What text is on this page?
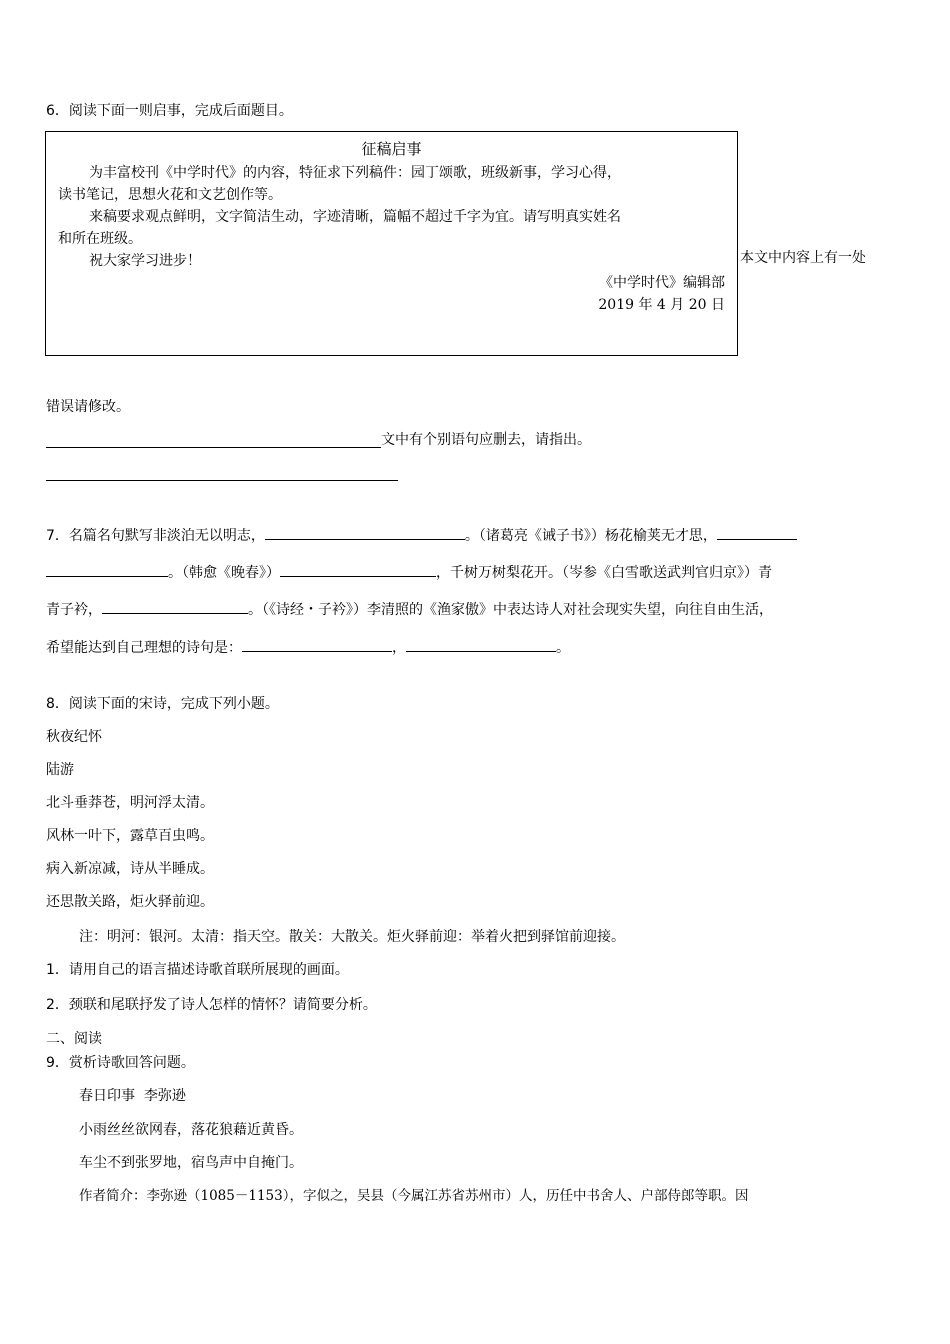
6．阅读下面一则启事，完成后面题目。
征稿启事
为丰富校刊《中学时代》的内容，特征求下列稿件：园丁颂歌，班级新事，学习心得，
读书笔记，思想火花和文艺创作等。
来稿要求观点鲜明，文字简洁生动，字迹清晰，篇幅不超过千字为宜。请写明真实姓名
和所在班级。
祝大家学习进步！
《中学时代》编辑部
2019 年 4 月 20 日
本文中内容上有一处
错误请修改。
文中有个别语句应删去，请指出。
7．名篇名句默写非淡泊无以明志，	。（诸葛亮《诫子书》）杨花榆荚无才思，
。（韩愈《晚春》）	，千树万树梨花开。（岑参《白雪歌送武判官归京》）青
青子衿，	。（《诗经・子衿》）李清照的《渔家傲》中表达诗人对社会现实失望，向往自由生活，
希望能达到自己理想的诗句是：	，	。
8．阅读下面的宋诗，完成下列小题。
秋夜纪怀
陆游
北斗垂莽苍，明河浮太清。
风林一叶下，露草百虫鸣。
病入新凉减，诗从半睡成。
还思散关路，炬火驿前迎。
注：明河：银河。太清：指天空。散关：大散关。炬火驿前迎：举着火把到驿馆前迎接。
1．请用自己的语言描述诗歌首联所展现的画面。
2．颈联和尾联抒发了诗人怎样的情怀？请简要分析。
二、阅读
9．赏析诗歌回答问题。
春日印事  李弥逊
小雨丝丝欲网春，落花狼藉近黄昏。
车尘不到张罗地，宿鸟声中自掩门。
作者简介：李弥逊（1085－1153），字似之，吴县（今属江苏省苏州市）人，历任中书舍人、户部侍郎等职。因
